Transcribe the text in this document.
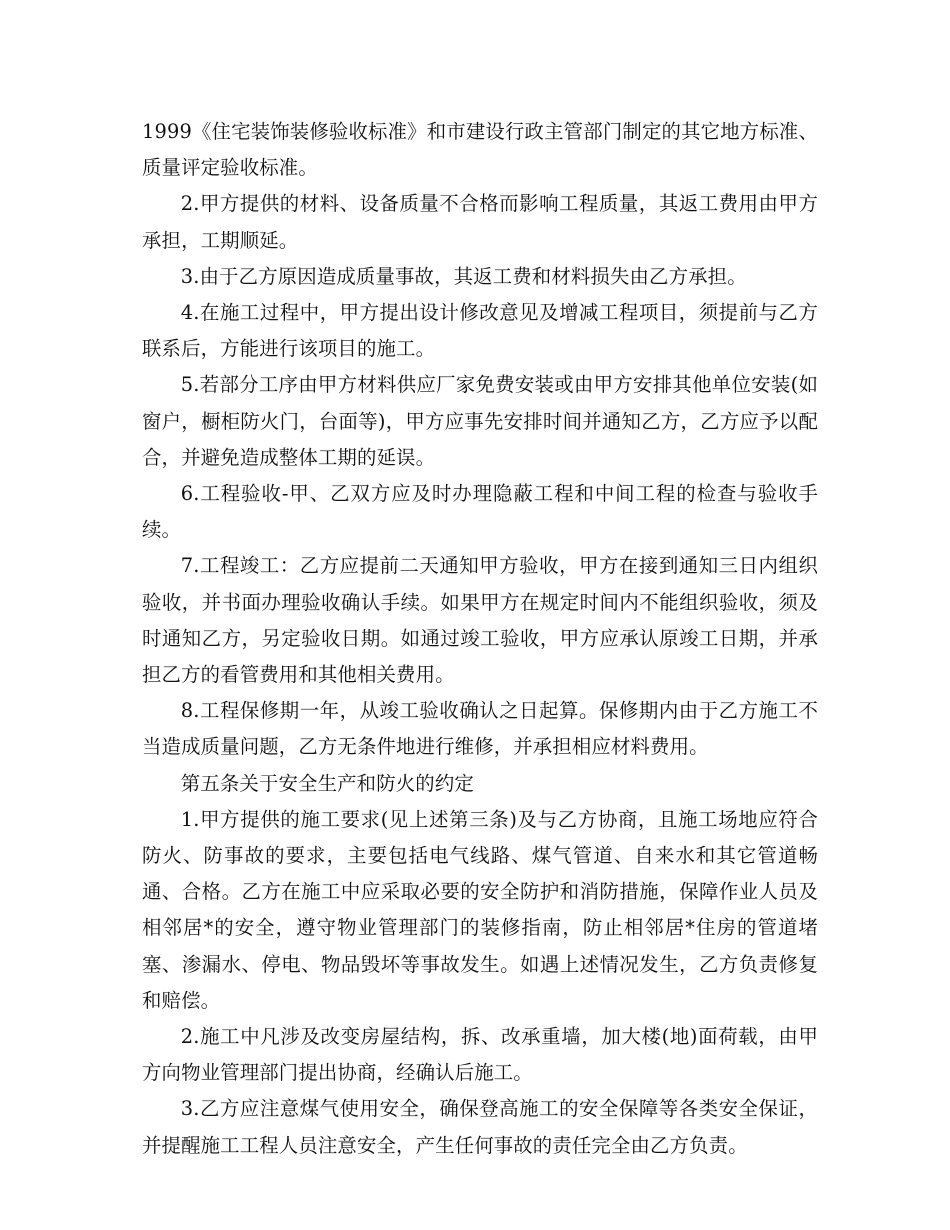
1999《住宅装饰装修验收标准》和市建设行政主管部门制定的其它地方标准、质量评定验收标准。

2.甲方提供的材料、设备质量不合格而影响工程质量，其返工费用由甲方承担，工期顺延。

3.由于乙方原因造成质量事故，其返工费和材料损失由乙方承担。

4.在施工过程中，甲方提出设计修改意见及增减工程项目，须提前与乙方联系后，方能进行该项目的施工。

5.若部分工序由甲方材料供应厂家免费安装或由甲方安排其他单位安装(如窗户，橱柜防火门，台面等)，甲方应事先安排时间并通知乙方，乙方应予以配合，并避免造成整体工期的延误。

6.工程验收-甲、乙双方应及时办理隐蔽工程和中间工程的检查与验收手续。

7.工程竣工：乙方应提前二天通知甲方验收，甲方在接到通知三日内组织验收，并书面办理验收确认手续。如果甲方在规定时间内不能组织验收，须及时通知乙方，另定验收日期。如通过竣工验收，甲方应承认原竣工日期，并承担乙方的看管费用和其他相关费用。

8.工程保修期一年，从竣工验收确认之日起算。保修期内由于乙方施工不当造成质量问题，乙方无条件地进行维修，并承担相应材料费用。

第五条关于安全生产和防火的约定

1.甲方提供的施工要求(见上述第三条)及与乙方协商，且施工场地应符合防火、防事故的要求，主要包括电气线路、煤气管道、自来水和其它管道畅通、合格。乙方在施工中应采取必要的安全防护和消防措施，保障作业人员及相邻居*的安全，遵守物业管理部门的装修指南，防止相邻居*住房的管道堵塞、渗漏水、停电、物品毁坏等事故发生。如遇上述情况发生，乙方负责修复和赔偿。

2.施工中凡涉及改变房屋结构，拆、改承重墙，加大楼(地)面荷载，由甲方向物业管理部门提出协商，经确认后施工。

3.乙方应注意煤气使用安全，确保登高施工的安全保障等各类安全保证，并提醒施工工程人员注意安全，产生任何事故的责任完全由乙方负责。
